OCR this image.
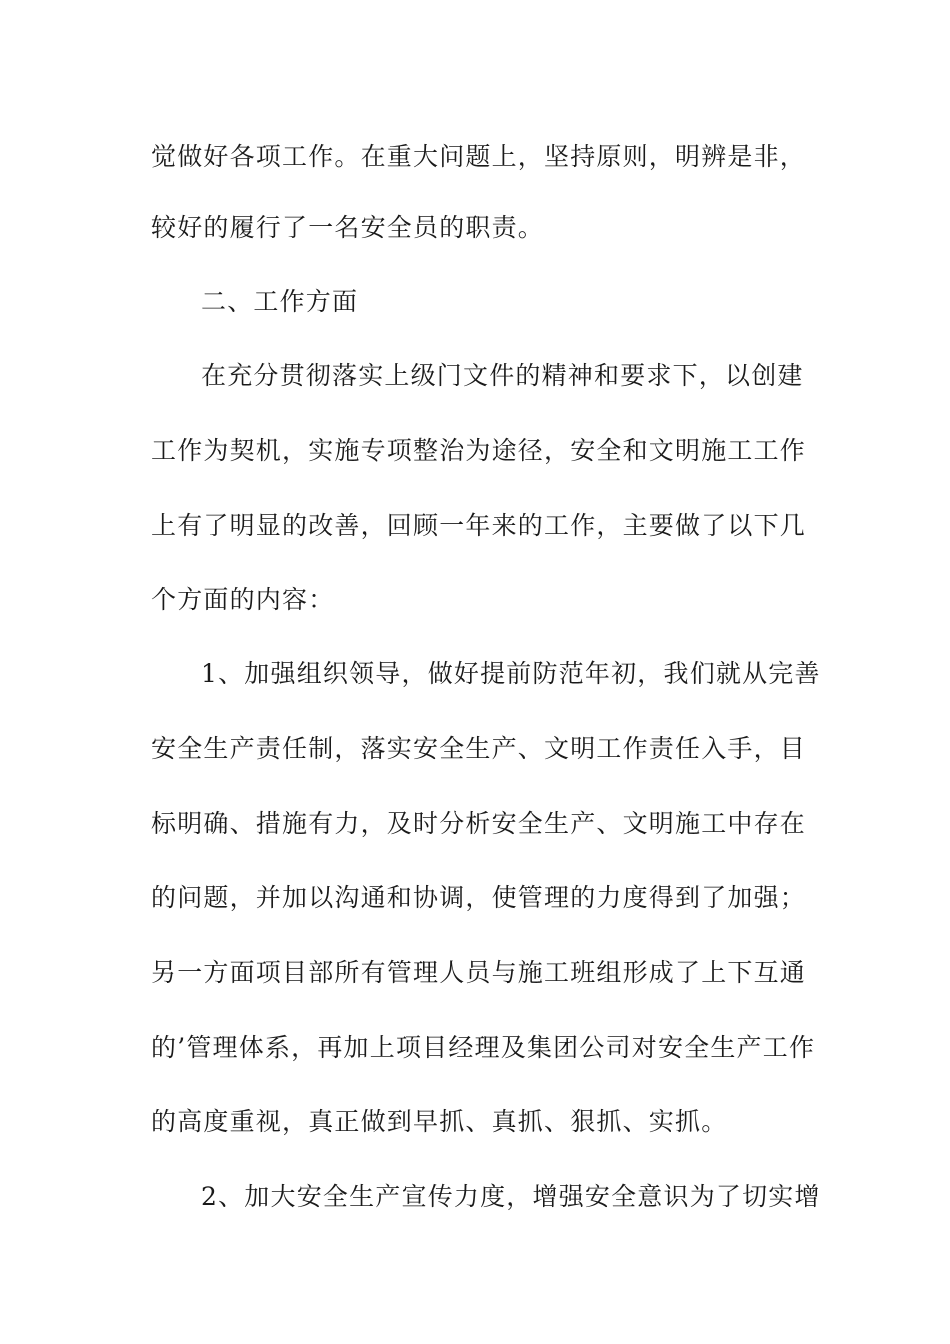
觉做好各项工作。在重大问题上，坚持原则，明辨是非，
较好的履行了一名安全员的职责。
二、工作方面
在充分贯彻落实上级门文件的精神和要求下，以创建
工作为契机，实施专项整治为途径，安全和文明施工工作
上有了明显的改善，回顾一年来的工作，主要做了以下几
个方面的内容：
1、加强组织领导，做好提前防范年初，我们就从完善
安全生产责任制，落实安全生产、文明工作责任入手，目
标明确、措施有力，及时分析安全生产、文明施工中存在
的问题，并加以沟通和协调，使管理的力度得到了加强；
另一方面项目部所有管理人员与施工班组形成了上下互通
的’管理体系，再加上项目经理及集团公司对安全生产工作
的高度重视，真正做到早抓、真抓、狠抓、实抓。
2、加大安全生产宣传力度，增强安全意识为了切实增
